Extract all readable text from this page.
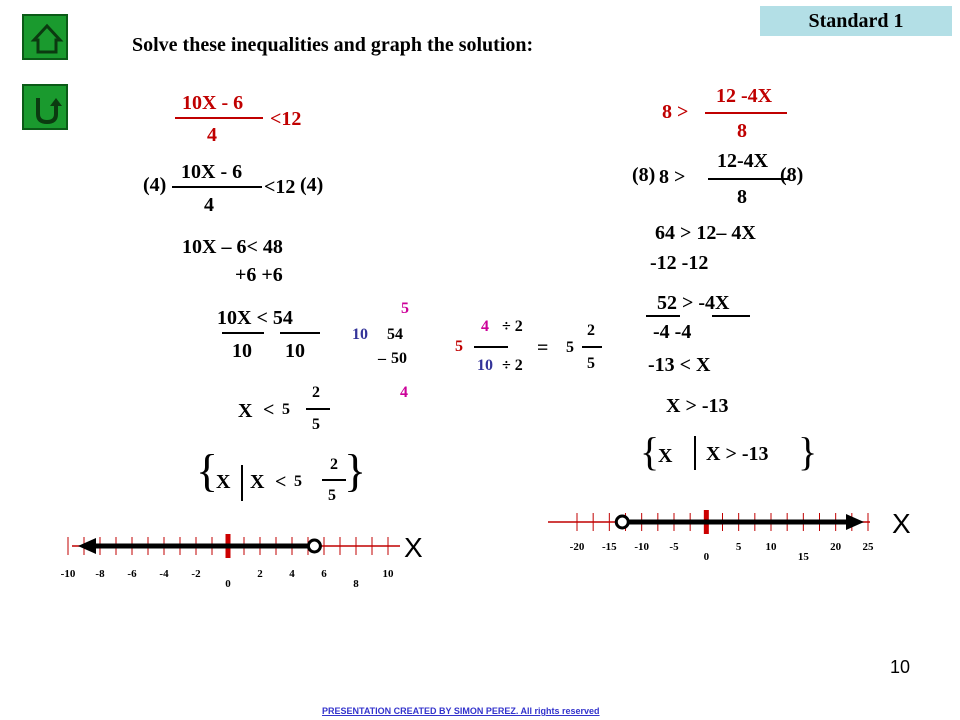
Standard 1
Solve these inequalities and graph the solution:
10X - 6
4
<12
(4)
10X - 6
4
<12 (4)
10X – 6< 48
+6 +6
10X < 54
10 10
5
10 54
– 50
4
5
4
10
÷ 2
÷ 2
= 5
2
5
X < 5
2
5
{
X X < 5
2
5 }
8 >
12 -4X
8
(8) 8 >
12-4X
8
(8)
64 > 12– 4X
-12 -12
52 > -4X
-4 -4
-13 < X
X > -13
{
X X > -13 }
-10 -8 -6 -4 -2
0
2 4 6
8
10
-20 -15 -10 -5
0
5 10
15
20 25
X
X
10
PRESENTATION CREATED BY SIMON PEREZ. All rights reserved
